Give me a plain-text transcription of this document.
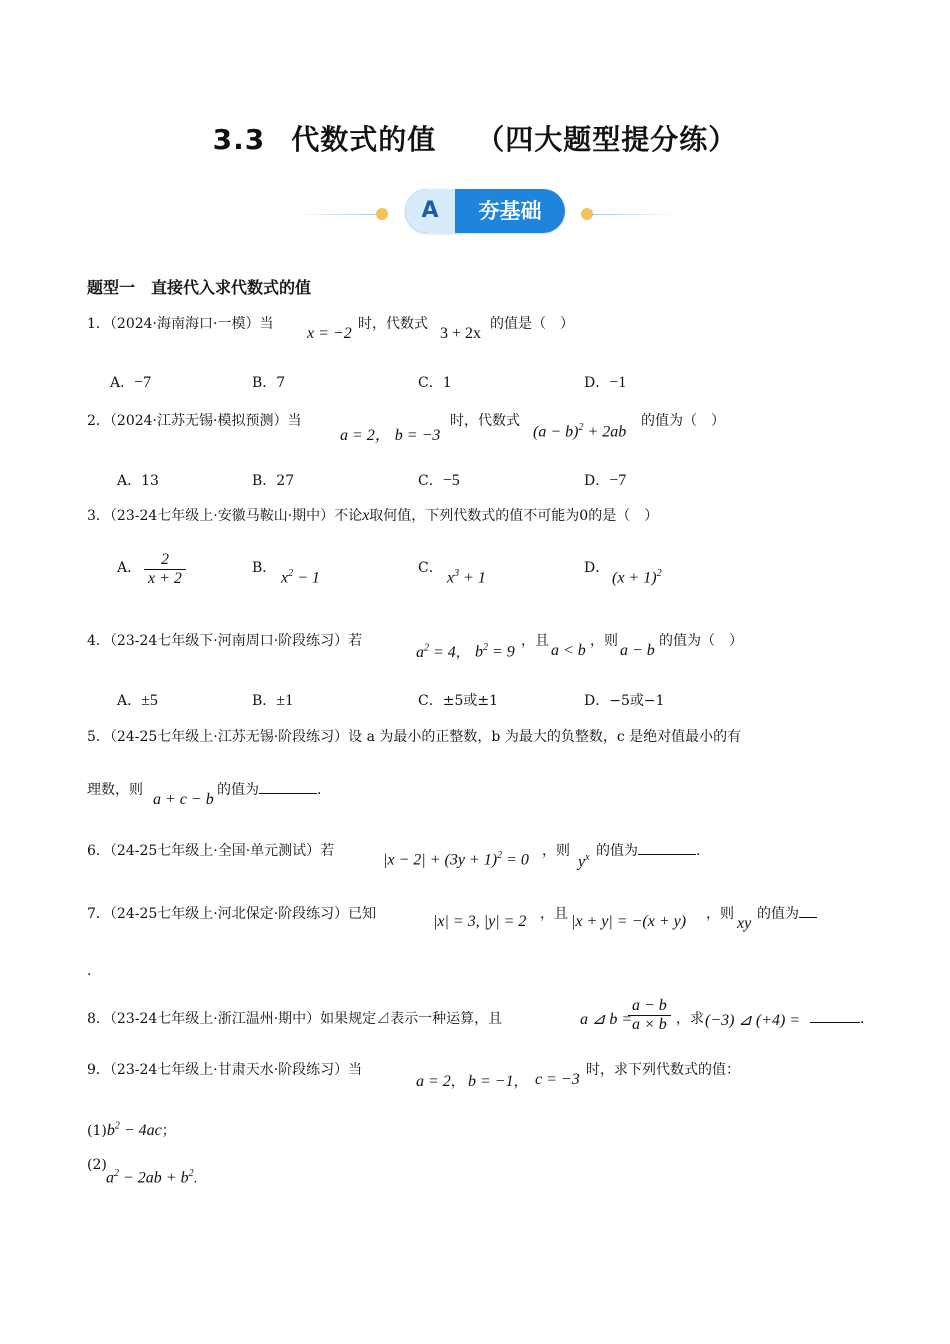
3.3 代数式的值 （四大题型提分练）
A	夯基础
题型一　直接代入求代数式的值
1．（2024·海南海口·一模）当
x = −2
时，代数式
3 + 2x
的值是（　）
A．−7	B．7	C．1	D．−1
2．（2024·江苏无锡·模拟预测）当
a = 2， b = −3
时，代数式
$(a - b)^2 + 2ab$
的值为（　）
A．13	B．27	C．−5	D．−7
3．（23-24七年级上·安徽马鞍山·期中）不论x取何值，下列代数式的值不可能为0的是（　）
A． $\frac{2}{x + 2}$	B．
$x^2 - 1$
C．
$x^3 + 1$
D．
$(x + 1)^2$
4．（23-24七年级下·河南周口·阶段练习）若
$a^2 = 4$， $b^2 = 9$
，且
a < b
，则
a − b
的值为（　）
A．±5	B．±1	C．±5或±1	D．−5或−1
5．（24-25七年级上·江苏无锡·阶段练习）设 a 为最小的正整数，b 为最大的负整数，c 是绝对值最小的有
理数，则
a + c − b
的值为	.
6．（24-25七年级上·全国·单元测试）若
$|x - 2| + (3y + 1)^2 = 0$
，则
$y^x$ 的值为	.
7．（24-25七年级上·河北保定·阶段练习）已知	|x| = 3, |y| = 2 ，且 |x + y| = −(x + y) ，则
xy
的值为
.
8．（23-24七年级上·浙江温州·期中）如果规定⊿表示一种运算，且	a ⊿ b =
$\frac{a - b}{a \times b}$ ，求 (−3) ⊿ (+4) =	.
9．（23-24七年级上·甘肃天水·阶段练习）当
a = 2， b = −1， c = −3
时，求下列代数式的值：
$(1)b^2 - 4ac$；
(2)
$a^2 - 2ab + b^2$.
